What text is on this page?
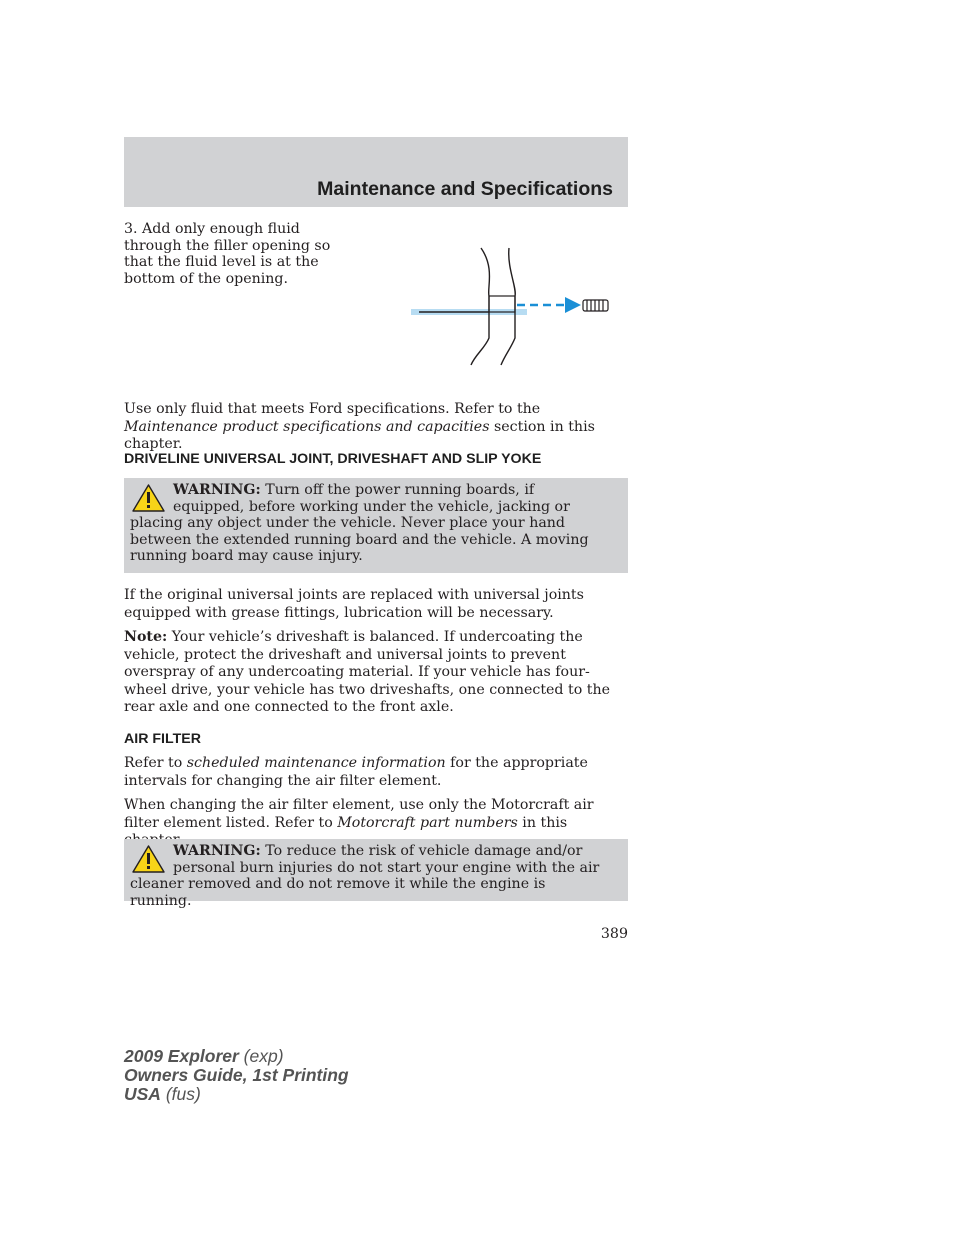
Maintenance and Specifications

3. Add only enough fluid through the filler opening so that the fluid level is at the bottom of the opening.

Use only fluid that meets Ford specifications. Refer to the Maintenance product specifications and capacities section in this chapter.

DRIVELINE UNIVERSAL JOINT, DRIVESHAFT AND SLIP YOKE

WARNING: Turn off the power running boards, if equipped, before working under the vehicle, jacking or placing any object under the vehicle. Never place your hand between the extended running board and the vehicle. A moving running board may cause injury.

If the original universal joints are replaced with universal joints equipped with grease fittings, lubrication will be necessary.

Note: Your vehicle’s driveshaft is balanced. If undercoating the vehicle, protect the driveshaft and universal joints to prevent overspray of any undercoating material. If your vehicle has four-wheel drive, your vehicle has two driveshafts, one connected to the rear axle and one connected to the front axle.

AIR FILTER

Refer to scheduled maintenance information for the appropriate intervals for changing the air filter element.

When changing the air filter element, use only the Motorcraft air filter element listed. Refer to Motorcraft part numbers in this

WARNING: To reduce the risk of vehicle damage and/or personal burn injuries do not start your engine with the air cleaner removed and do not remove it while the engine is running.

389
2009 Explorer (exp)
Owners Guide, 1st Printing
USA (fus)
